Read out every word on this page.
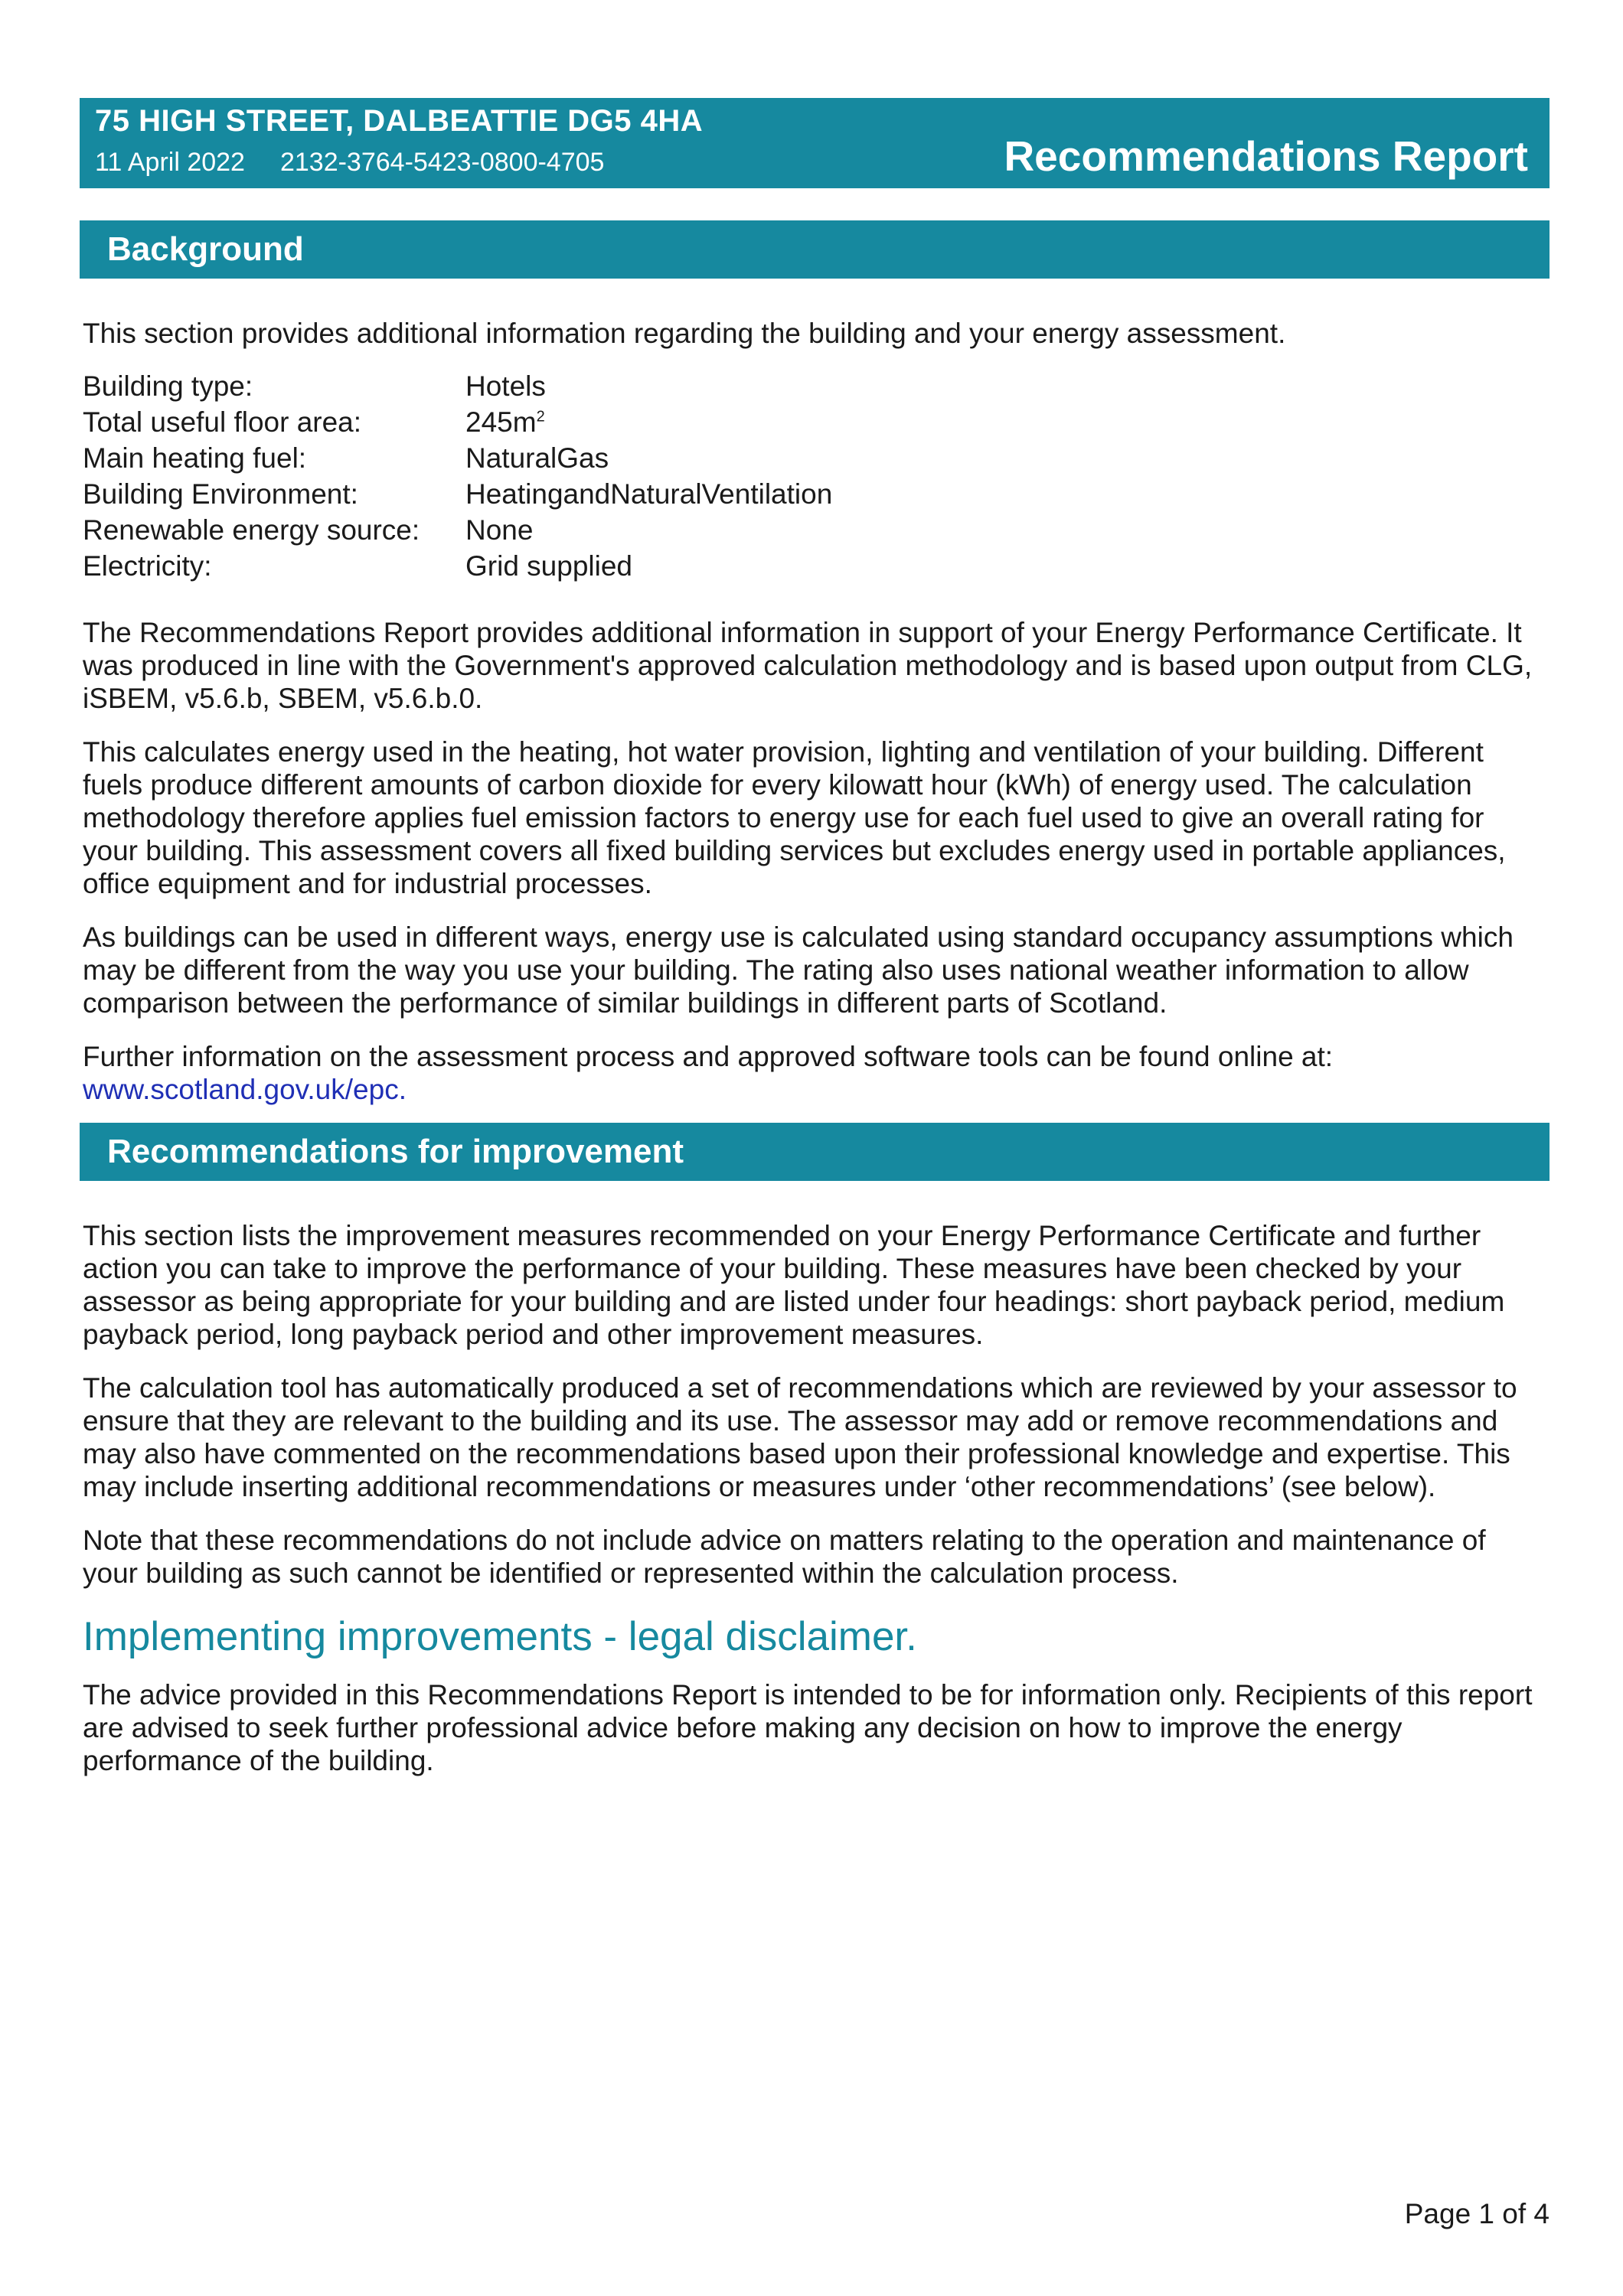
75 HIGH STREET, DALBEATTIE DG5 4HA
11 April 2022 2132-3764-5423-0800-4705	Recommendations Report
Background

This section provides additional information regarding the building and your energy assessment.

Building type:	Hotels
Total useful floor area:	$245m^2$
Main heating fuel:	NaturalGas
Building Environment:	HeatingandNaturalVentilation
Renewable energy source:	None
Electricity:	Grid supplied

The Recommendations Report provides additional information in support of your Energy Performance Certificate. It was produced in line with the Government's approved calculation methodology and is based upon output from CLG, iSBEM, v5.6.b, SBEM, v5.6.b.0.

This calculates energy used in the heating, hot water provision, lighting and ventilation of your building. Different fuels produce different amounts of carbon dioxide for every kilowatt hour (kWh) of energy used. The calculation methodology therefore applies fuel emission factors to energy use for each fuel used to give an overall rating for your building. This assessment covers all fixed building services but excludes energy used in portable appliances, office equipment and for industrial processes.

As buildings can be used in different ways, energy use is calculated using standard occupancy assumptions which may be different from the way you use your building. The rating also uses national weather information to allow comparison between the performance of similar buildings in different parts of Scotland.

Further information on the assessment process and approved software tools can be found online at:
www.scotland.gov.uk/epc.

Recommendations for improvement

This section lists the improvement measures recommended on your Energy Performance Certificate and further action you can take to improve the performance of your building. These measures have been checked by your assessor as being appropriate for your building and are listed under four headings: short payback period, medium payback period, long payback period and other improvement measures.

The calculation tool has automatically produced a set of recommendations which are reviewed by your assessor to ensure that they are relevant to the building and its use. The assessor may add or remove recommendations and may also have commented on the recommendations based upon their professional knowledge and expertise. This may include inserting additional recommendations or measures under ‘other recommendations’ (see below).

Note that these recommendations do not include advice on matters relating to the operation and maintenance of your building as such cannot be identified or represented within the calculation process.

Implementing improvements - legal disclaimer.

The advice provided in this Recommendations Report is intended to be for information only. Recipients of this report are advised to seek further professional advice before making any decision on how to improve the energy performance of the building.

Page 1 of 4
